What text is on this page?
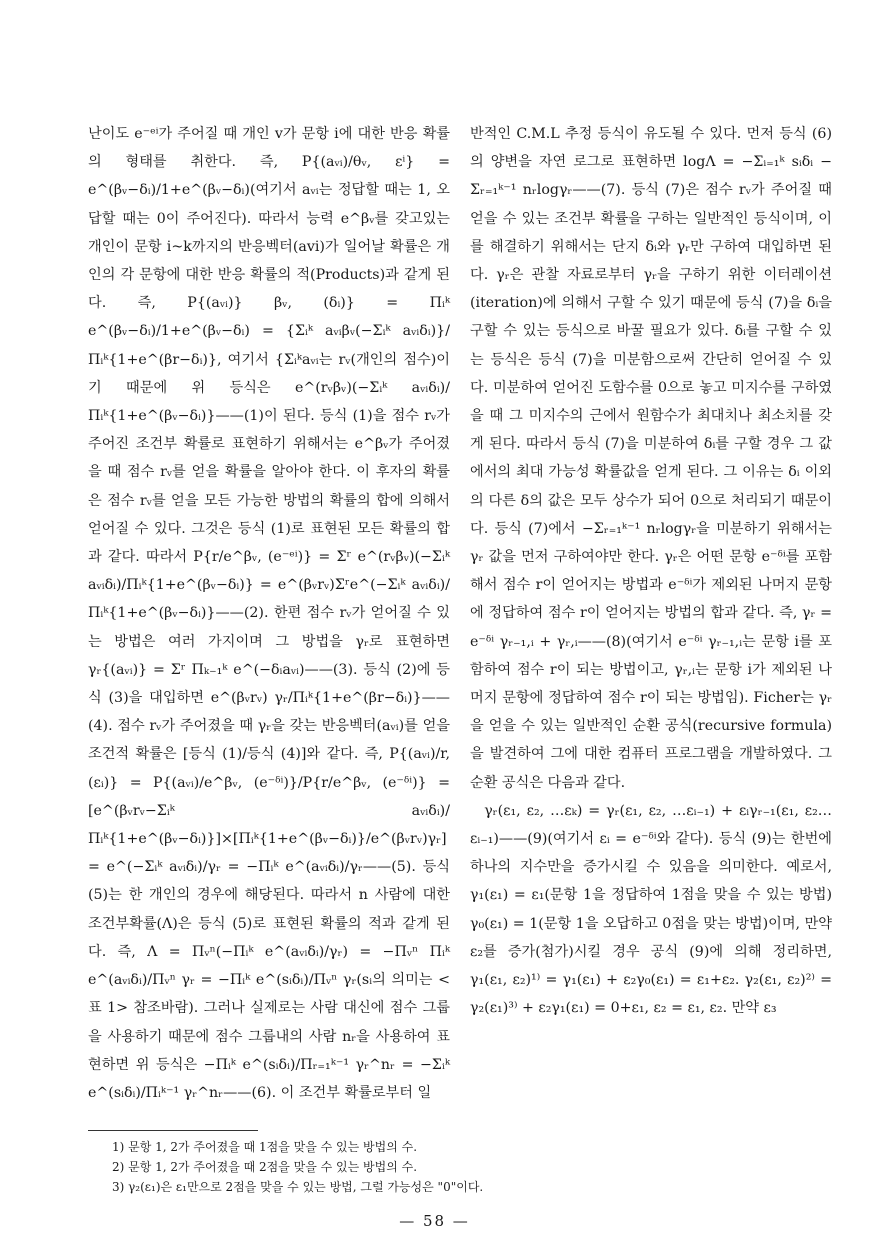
난이도 e⁻ᵉⁱ가 주어질 때 개인 v가 문항 i에 대한 반응 확률의 형태를 취한다. 즉, P{(aᵥᵢ)/θᵥ, εⁱ} = e^(βᵥ−δᵢ)/1+e^(βᵥ−δᵢ)(여기서 aᵥᵢ는 정답할 때는 1, 오답할 때는 0이 주어진다). 따라서 능력 e^βᵥ를 갖고있는 개인이 문항 i~k까지의 반응벡터(avi)가 일어날 확률은 개인의 각 문항에 대한 반응 확률의 적(Products)과 같게 된다. 즉, P{(aᵥᵢ)} βᵥ, (δᵢ)} = Πᵢᵏ e^(βᵥ−δᵢ)/1+e^(βᵥ−δᵢ) = {Σᵢᵏ aᵥᵢβᵥ(−Σᵢᵏ aᵥᵢδᵢ)}/Πᵢᵏ{1+e^(βr−δᵢ)}, 여기서 {Σᵢᵏaᵥᵢ는 rᵥ(개인의 점수)이기 때문에 위 등식은 e^(rᵥβᵥ)(−Σᵢᵏ aᵥᵢδᵢ)/Πᵢᵏ{1+e^(βᵥ−δᵢ)}——(1)이 된다. 등식 (1)을 점수 rᵥ가 주어진 조건부 확률로 표현하기 위해서는 e^βᵥ가 주어졌을 때 점수 rᵥ를 얻을 확률을 알아야 한다. 이 후자의 확률은 점수 rᵥ를 얻을 모든 가능한 방법의 확률의 합에 의해서 얻어질 수 있다. 그것은 등식 (1)로 표현된 모든 확률의 합과 같다. 따라서 P{r/e^βᵥ, (e⁻ᵉⁱ)} = Σʳ e^(rᵥβᵥ)(−Σᵢᵏ aᵥᵢδᵢ)/Πᵢᵏ{1+e^(βᵥ−δᵢ)} = e^(βᵥrᵥ)Σʳe^(−Σᵢᵏ aᵥᵢδᵢ)/Πᵢᵏ{1+e^(βᵥ−δᵢ)}——(2). 한편 점수 rᵥ가 얻어질 수 있는 방법은 여러 가지이며 그 방법을 γᵣ로 표현하면 γᵣ{(aᵥᵢ)} = Σʳ Πₖ₋₁ᵏ e^(−δᵢaᵥᵢ)——(3). 등식 (2)에 등식 (3)을 대입하면 e^(βᵥrᵥ) γᵣ/Πᵢᵏ{1+e^(βr−δᵢ)}——(4). 점수 rᵥ가 주어졌을 때 γᵣ을 갖는 반응벡터(aᵥᵢ)를 얻을 조건적 확률은 [등식 (1)/등식 (4)]와 같다. 즉, P{(aᵥᵢ)/r, (εᵢ)} = P{(aᵥᵢ)/e^βᵥ, (e⁻ᵟⁱ)}/P{r/e^βᵥ, (e⁻ᵟⁱ)} = [e^(βᵥrᵥ−Σᵢᵏ aᵥᵢδᵢ)/Πᵢᵏ{1+e^(βᵥ−δᵢ)}]×[Πᵢᵏ{1+e^(βᵥ−δᵢ)}/e^(βᵥrᵥ)γᵣ] = e^(−Σᵢᵏ aᵥᵢδᵢ)/γᵣ = −Πᵢᵏ e^(aᵥᵢδᵢ)/γᵣ——(5). 등식 (5)는 한 개인의 경우에 해당된다. 따라서 n 사람에 대한 조건부확률(Λ)은 등식 (5)로 표현된 확률의 적과 같게 된다. 즉, Λ = Πᵥⁿ(−Πᵢᵏ e^(aᵥᵢδᵢ)/γᵣ) = −Πᵥⁿ Πᵢᵏ e^(aᵥᵢδᵢ)/Πᵥⁿ γᵣ = −Πᵢᵏ e^(sᵢδᵢ)/Πᵥⁿ γᵣ(sᵢ의 의미는 <표 1> 참조바람). 그러나 실제로는 사람 대신에 점수 그룹을 사용하기 때문에 점수 그룹내의 사람 nᵣ을 사용하여 표현하면 위 등식은 −Πᵢᵏ e^(sᵢδᵢ)/Πᵣ₌₁ᵏ⁻¹ γᵣ^nᵣ = −Σᵢᵏ e^(sᵢδᵢ)/Πᵢᵏ⁻¹ γᵣ^nᵣ——(6). 이 조건부 확률로부터 일

반적인 C.M.L 추정 등식이 유도될 수 있다. 먼저 등식 (6)의 양변을 자연 로그로 표현하면 logΛ = −Σᵢ₌₁ᵏ sᵢδᵢ − Σᵣ₌₁ᵏ⁻¹ nᵣlogγᵣ——(7). 등식 (7)은 점수 rᵥ가 주어질 때 얻을 수 있는 조건부 확률을 구하는 일반적인 등식이며, 이를 해결하기 위해서는 단지 δᵢ와 γᵣ만 구하여 대입하면 된다. γᵣ은 관찰 자료로부터 γᵣ을 구하기 위한 이터레이션(iteration)에 의해서 구할 수 있기 때문에 등식 (7)을 δᵢ을 구할 수 있는 등식으로 바꿀 필요가 있다. δᵢ를 구할 수 있는 등식은 등식 (7)을 미분함으로써 간단히 얻어질 수 있다. 미분하여 얻어진 도함수를 0으로 놓고 미지수를 구하였을 때 그 미지수의 근에서 원함수가 최대치나 최소치를 갖게 된다. 따라서 등식 (7)을 미분하여 δᵢ를 구할 경우 그 값에서의 최대 가능성 확률값을 얻게 된다. 그 이유는 δᵢ 이외의 다른 δ의 값은 모두 상수가 되어 0으로 처리되기 때문이다. 등식 (7)에서 −Σᵣ₌₁ᵏ⁻¹ nᵣlogγᵣ을 미분하기 위해서는 γᵣ 값을 먼저 구하여야만 한다. γᵣ은 어떤 문항 e⁻ᵟⁱ를 포함해서 점수 r이 얻어지는 방법과 e⁻ᵟⁱ가 제외된 나머지 문항에 정답하여 점수 r이 얻어지는 방법의 합과 같다. 즉, γᵣ = e⁻ᵟⁱ γᵣ₋₁,ᵢ + γᵣ,ᵢ——(8)(여기서 e⁻ᵟⁱ γᵣ₋₁,ᵢ는 문항 i를 포함하여 점수 r이 되는 방법이고, γᵣ,ᵢ는 문항 i가 제외된 나머지 문항에 정답하여 점수 r이 되는 방법임). Ficher는 γᵣ을 얻을 수 있는 일반적인 순환 공식(recursive formula)을 발견하여 그에 대한 컴퓨터 프로그램을 개발하였다. 그 순환 공식은 다음과 같다.

γᵣ(ε₁, ε₂, …εₖ) = γᵣ(ε₁, ε₂, …εᵢ₋₁) + εᵢγᵣ₋₁(ε₁, ε₂…εᵢ₋₁)——(9)(여기서 εᵢ = e⁻ᵟⁱ와 같다). 등식 (9)는 한번에 하나의 지수만을 증가시킬 수 있음을 의미한다. 예로서, γ₁(ε₁) = ε₁(문항 1을 정답하여 1점을 맞을 수 있는 방법) γ₀(ε₁) = 1(문항 1을 오답하고 0점을 맞는 방법)이며, 만약 ε₂를 증가(첨가)시킬 경우 공식 (9)에 의해 정리하면, γ₁(ε₁, ε₂)¹⁾ = γ₁(ε₁) + ε₂γ₀(ε₁) = ε₁+ε₂. γ₂(ε₁, ε₂)²⁾ = γ₂(ε₁)³⁾ + ε₂γ₁(ε₁) = 0+ε₁, ε₂ = ε₁, ε₂. 만약 ε₃

1) 문항 1, 2가 주어졌을 때 1점을 맞을 수 있는 방법의 수.
2) 문항 1, 2가 주어졌을 때 2점을 맞을 수 있는 방법의 수.
3) γ₂(ε₁)은 ε₁만으로 2점을 맞을 수 있는 방법, 그럴 가능성은 "0"이다.
— 58 —
